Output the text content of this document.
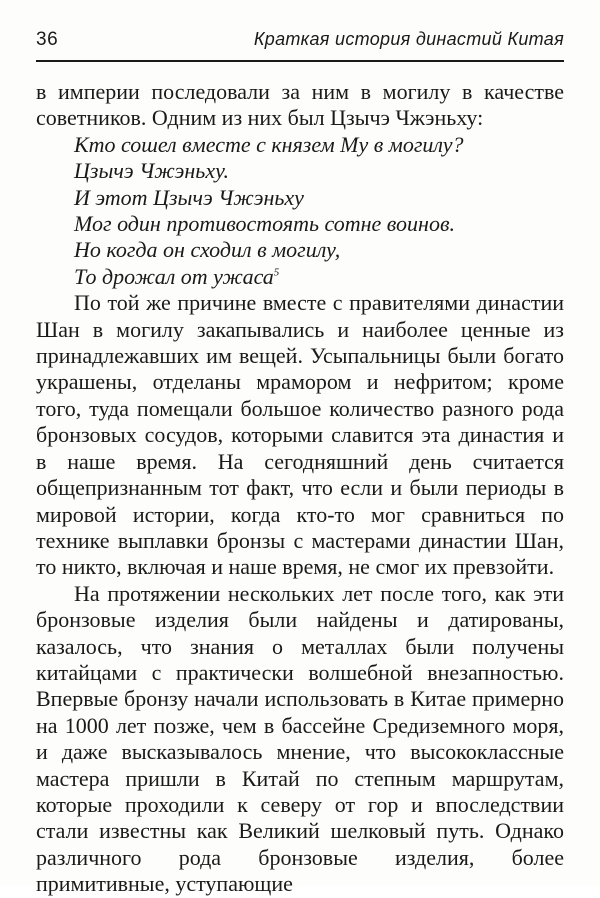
36	Краткая история династий Китая

в империи последовали за ним в могилу в качестве советников. Одним из них был Цзычэ Чжэньху:

Кто сошел вместе с князем Му в могилу?
Цзычэ Чжэньху.
И этот Цзычэ Чжэньху
Мог один противостоять сотне воинов.
Но когда он сходил в могилу,
То дрожал от ужаса$^5$

По той же причине вместе с правителями династии Шан в могилу закапывались и наиболее ценные из принадлежавших им вещей. Усыпальницы были богато украшены, отделаны мрамором и нефритом; кроме того, туда помещали большое количество разного рода бронзовых сосудов, которыми славится эта династия и в наше время. На сегодняшний день считается общепризнанным тот факт, что если и были периоды в мировой истории, когда кто-то мог сравниться по технике выплавки бронзы с мастерами династии Шан, то никто, включая и наше время, не смог их превзойти.

На протяжении нескольких лет после того, как эти бронзовые изделия были найдены и датированы, казалось, что знания о металлах были получены китайцами с практически волшебной внезапностью. Впервые бронзу начали использовать в Китае примерно на 1000 лет позже, чем в бассейне Средиземного моря, и даже высказывалось мнение, что высококлассные мастера пришли в Китай по степным маршрутам, которые проходили к северу от гор и впоследствии стали известны как Великий шелковый путь. Однако различного рода бронзовые изделия, более примитивные, уступающие
